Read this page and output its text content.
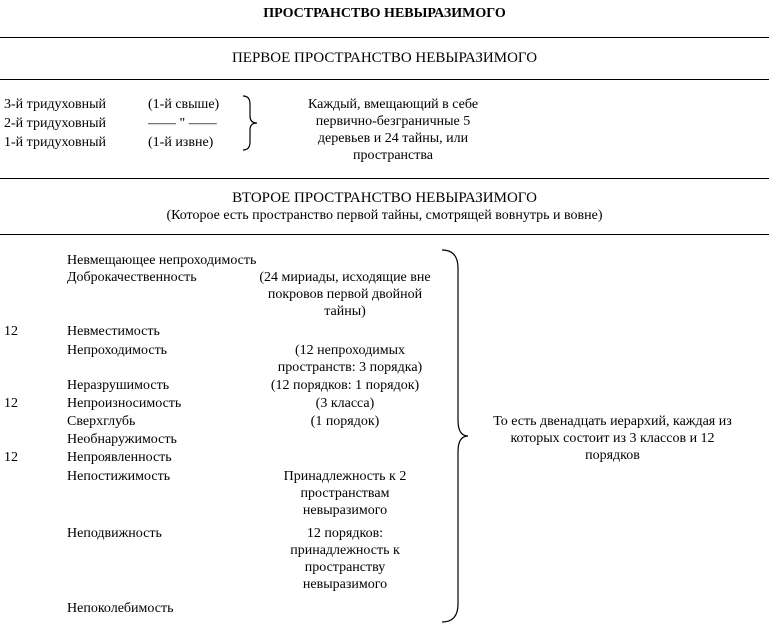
ПРОСТРАНСТВО НЕВЫРАЗИМОГО
ПЕРВОЕ ПРОСТРАНСТВО НЕВЫРАЗИМОГО
3-й тридуховный
2-й тридуховный
1-й тридуховный
(1-й свыше)
—— " ——
(1-й извне)
Каждый, вмещающий в себе первично-безграничные 5 деревьев и 24 тайны, или пространства
ВТОРОЕ ПРОСТРАНСТВО НЕВЫРАЗИМОГО
(Которое есть пространство первой тайны, смотрящей вовнутрь и вовне)
12
12
12
Невмещающее непроходимость
Доброкачественность
Невместимость
Непроходимость
Неразрушимость
Непроизносимость
Сверхглубь
Необнаружимость
Непроявленность
Непостижимость
Неподвижность
Непоколебимость
(24 мириады, исходящие вне покровов первой двойной тайны)
(12 непроходимых пространств: 3 порядка)
(12 порядков: 1 порядок)
(3 класса)
(1 порядок)
Принадлежность к 2 пространствам невыразимого
12 порядков: принадлежность к пространству невыразимого
То есть двенадцать иерархий, каждая из которых состоит из 3 классов и 12 порядков
